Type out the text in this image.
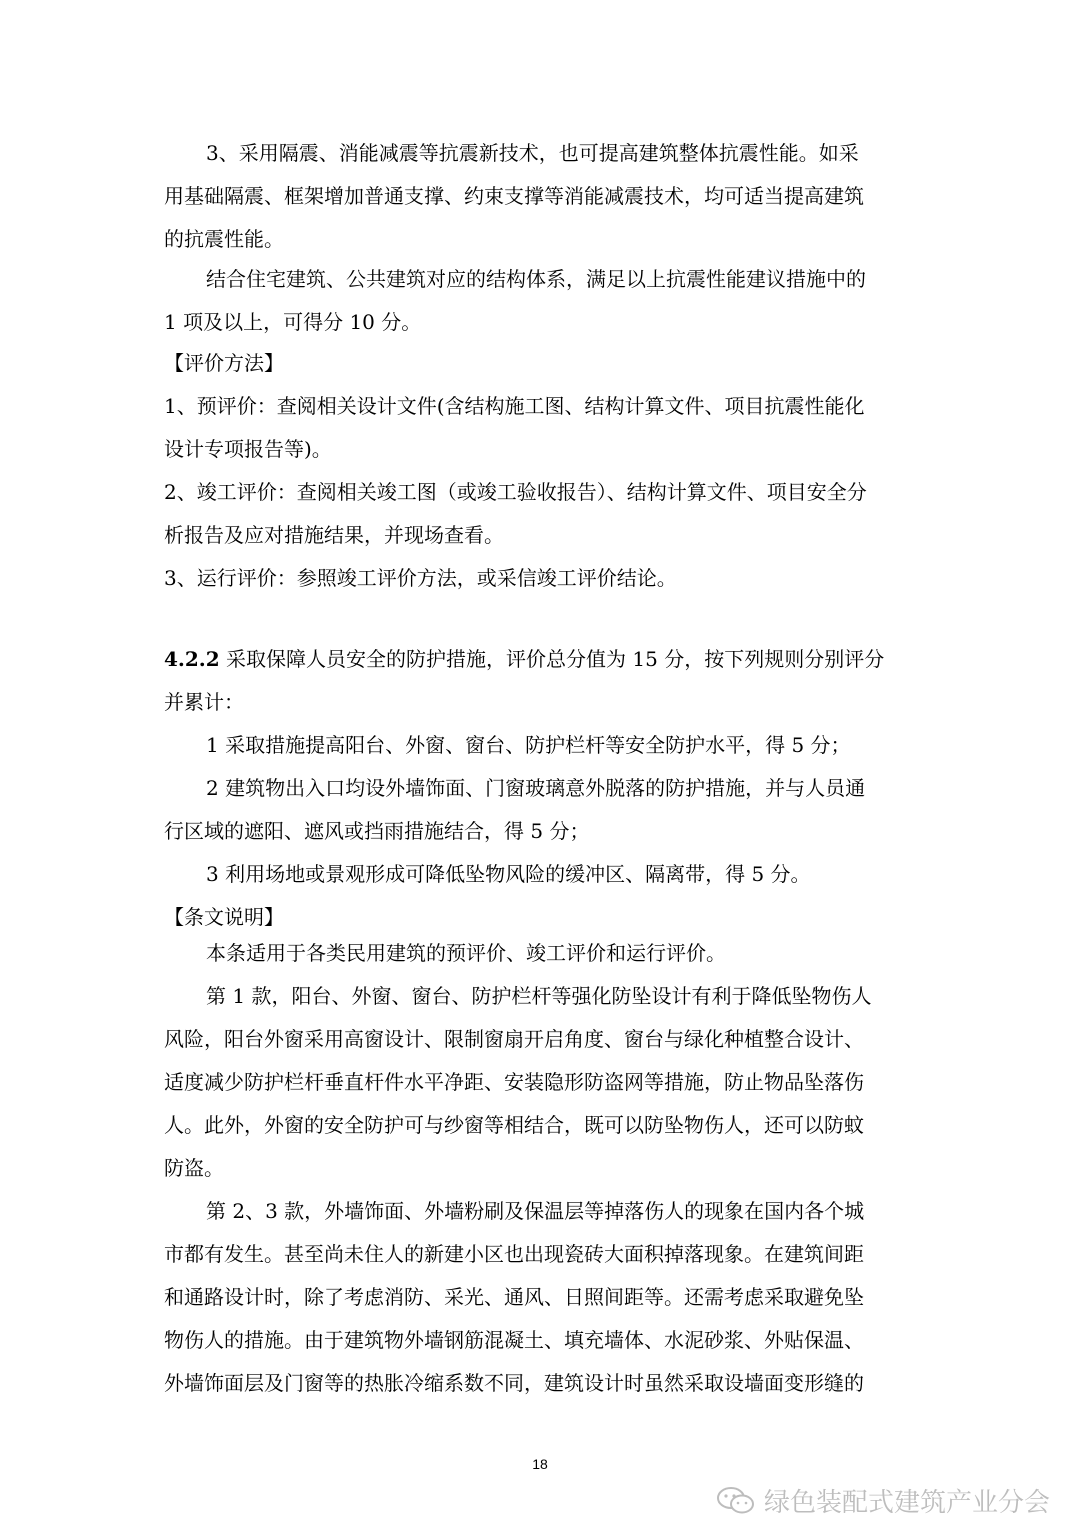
3、采用隔震、消能减震等抗震新技术，也可提高建筑整体抗震性能。如采
用基础隔震、框架增加普通支撑、约束支撑等消能减震技术，均可适当提高建筑
的抗震性能。
结合住宅建筑、公共建筑对应的结构体系，满足以上抗震性能建议措施中的
1 项及以上，可得分 10 分。
【评价方法】
1、预评价：查阅相关设计文件(含结构施工图、结构计算文件、项目抗震性能化
设计专项报告等)。
2、竣工评价：查阅相关竣工图（或竣工验收报告）、结构计算文件、项目安全分
析报告及应对措施结果，并现场查看。
3、运行评价：参照竣工评价方法，或采信竣工评价结论。
4.2.2 采取保障人员安全的防护措施，评价总分值为 15 分，按下列规则分别评分
并累计：
1 采取措施提高阳台、外窗、窗台、防护栏杆等安全防护水平，得 5 分；
2 建筑物出入口均设外墙饰面、门窗玻璃意外脱落的防护措施，并与人员通
行区域的遮阳、遮风或挡雨措施结合，得 5 分；
3 利用场地或景观形成可降低坠物风险的缓冲区、隔离带，得 5 分。
【条文说明】
本条适用于各类民用建筑的预评价、竣工评价和运行评价。
第 1 款，阳台、外窗、窗台、防护栏杆等强化防坠设计有利于降低坠物伤人
风险，阳台外窗采用高窗设计、限制窗扇开启角度、窗台与绿化种植整合设计、
适度减少防护栏杆垂直杆件水平净距、安装隐形防盗网等措施，防止物品坠落伤
人。此外，外窗的安全防护可与纱窗等相结合，既可以防坠物伤人，还可以防蚊
防盗。
第 2、3 款，外墙饰面、外墙粉刷及保温层等掉落伤人的现象在国内各个城
市都有发生。甚至尚未住人的新建小区也出现瓷砖大面积掉落现象。在建筑间距
和通路设计时，除了考虑消防、采光、通风、日照间距等。还需考虑采取避免坠
物伤人的措施。由于建筑物外墙钢筋混凝土、填充墙体、水泥砂浆、外贴保温、
外墙饰面层及门窗等的热胀冷缩系数不同，建筑设计时虽然采取设墙面变形缝的
18
绿色装配式建筑产业分会
